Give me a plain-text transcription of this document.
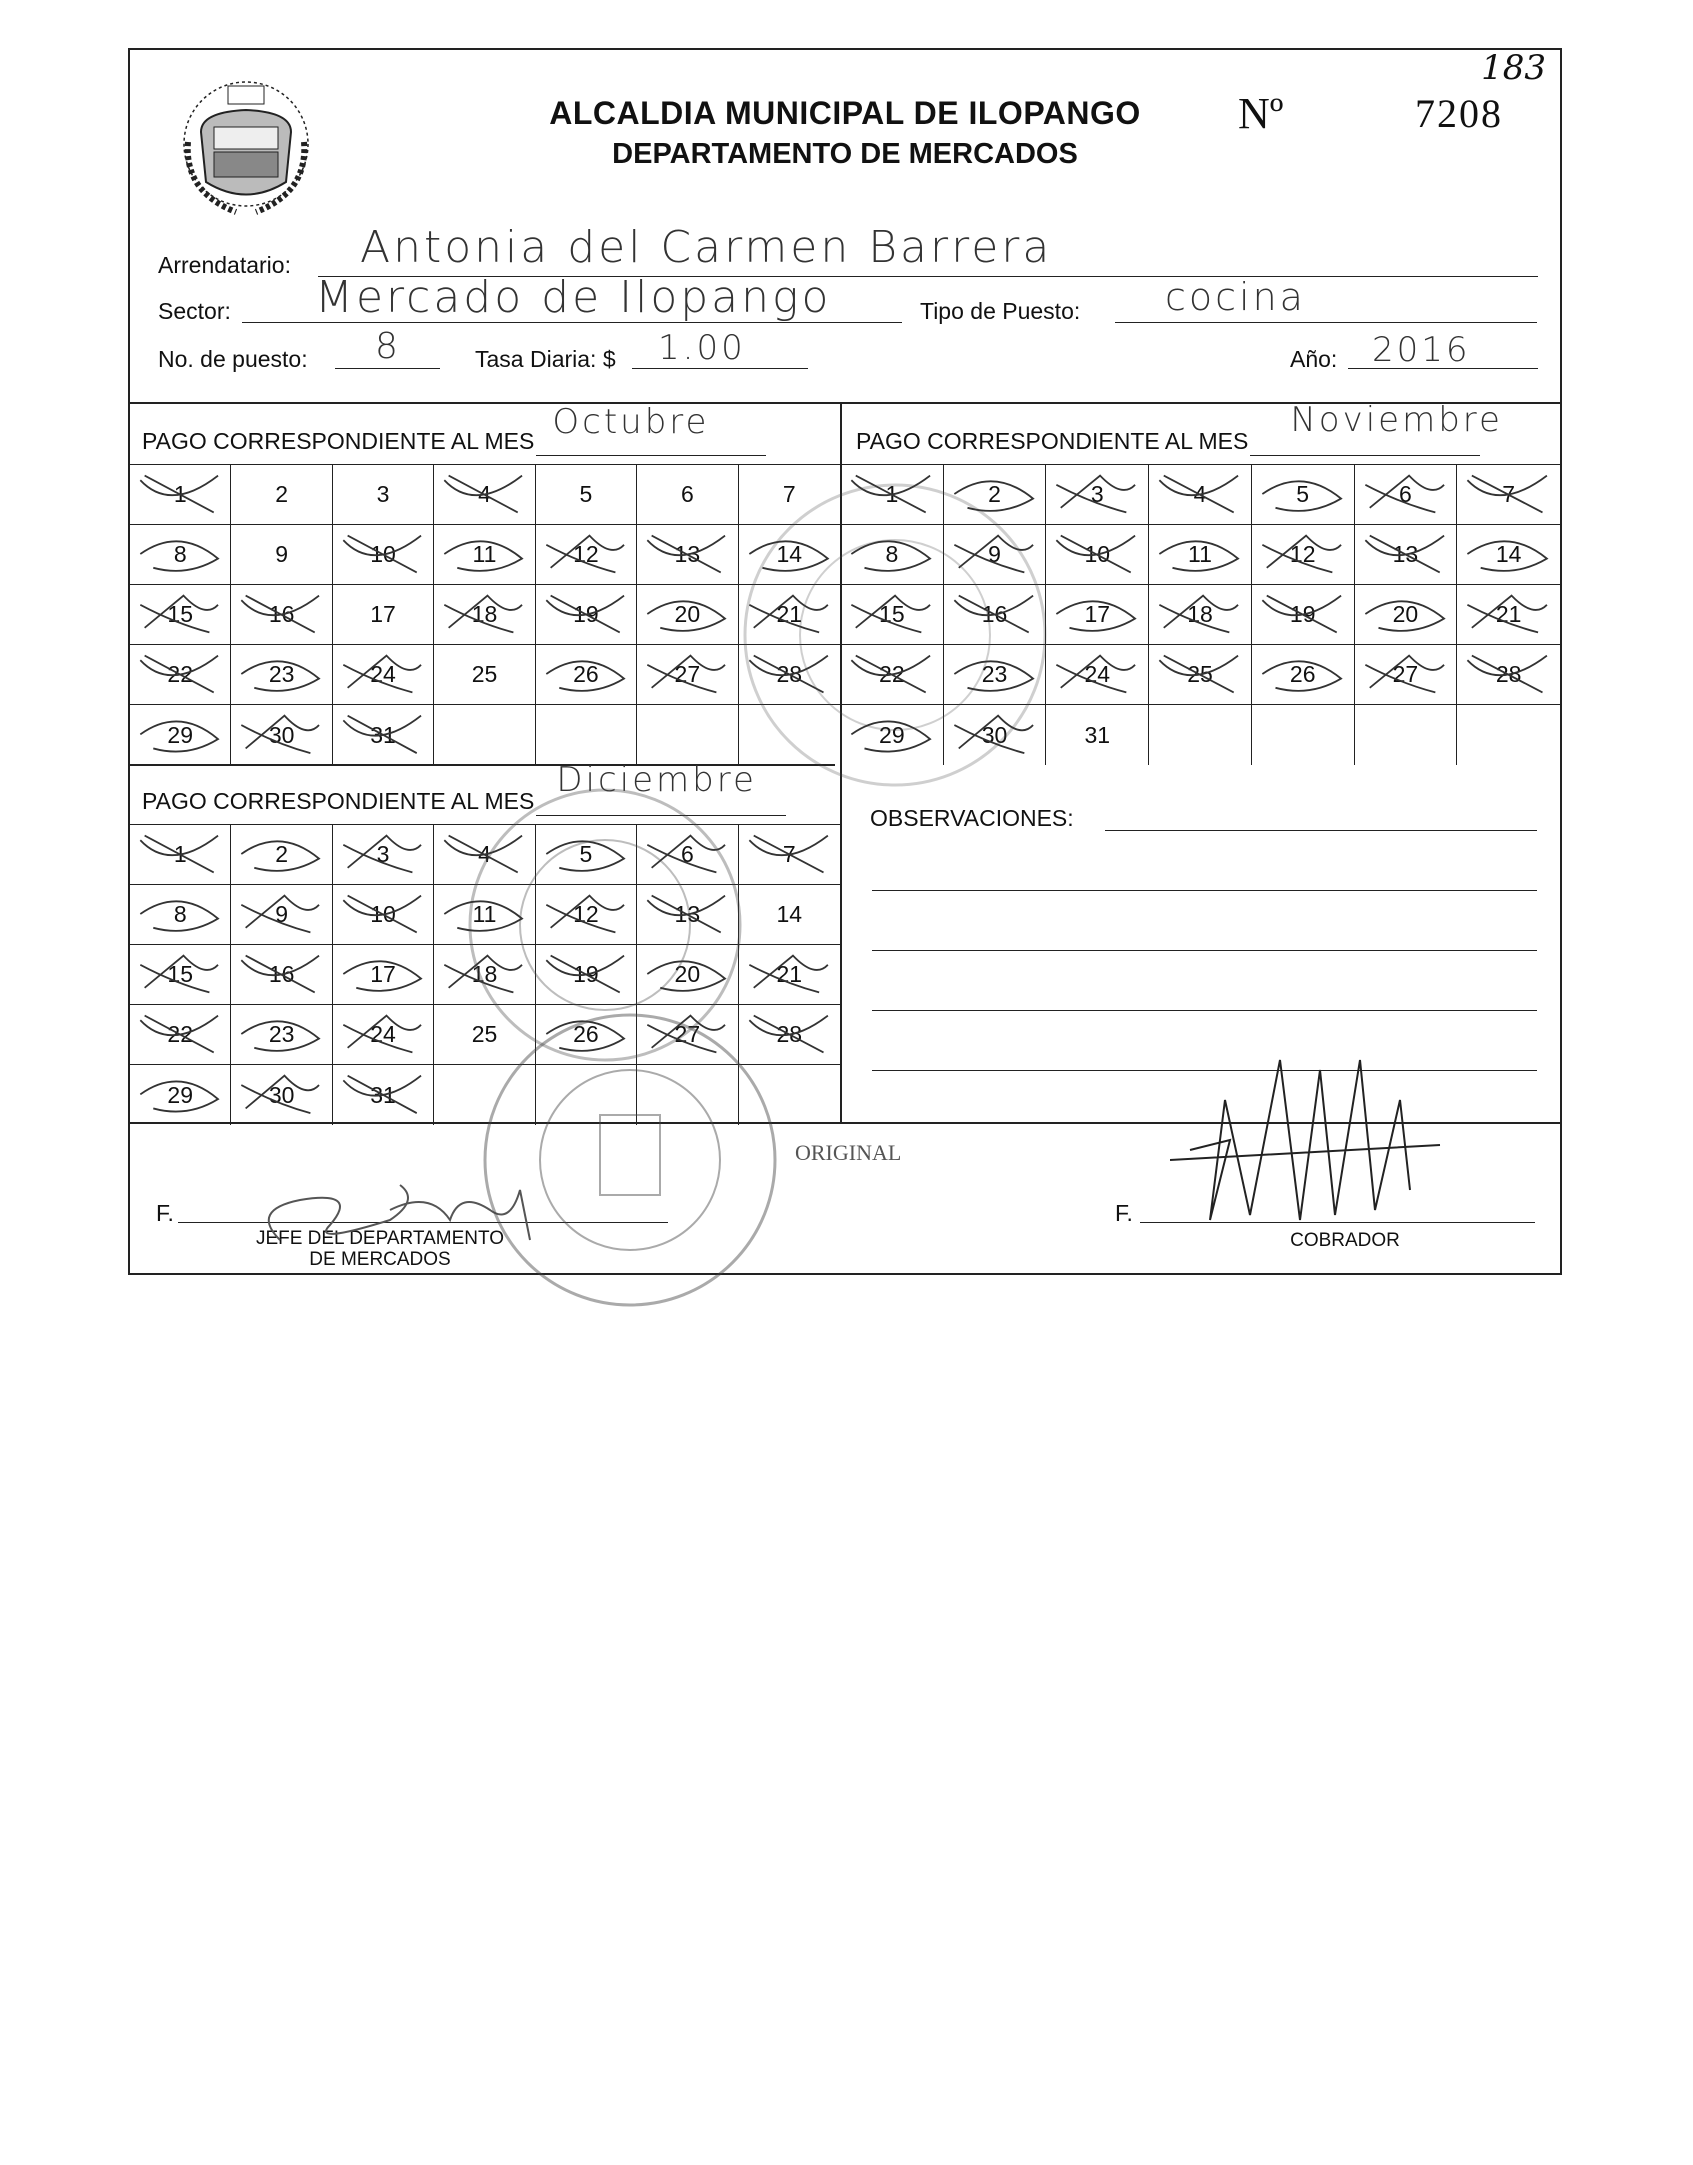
ALCALDIA MUNICIPAL DE ILOPANGO
DEPARTAMENTO DE MERCADOS
Nº	7208
183
Arrendatario: Antonia del Carmen Barrera
Sector: Mercado de Ilopango	Tipo de Puesto: cocina
No. de puesto: 8	Tasa Diaria: $ 1.00	Año: 2016
PAGO CORRESPONDIENTE AL MES Octubre

1	2	3	4	5	6	7
8	9	10	11	12	13	14
15	16	17	18	19	20	21
22	23	24	25	26	27	28
29	30	31
PAGO CORRESPONDIENTE AL MES
Noviembre

1	2	3	4	5	6	7
8	9	10	11	12	13	14
15	16	17	18	19	20	21
22	23	24	25	26	27	28
29	30	31
PAGO CORRESPONDIENTE AL MES
Diciembre

1	2	3	4	5	6	7
8	9	10	11	12	13	14
15	16	17	18	19	20	21
22	23	24	25	26	27	28
29	30	31
OBSERVACIONES:
ORIGINAL
F.
JEFE DEL DEPARTAMENTO
DE MERCADOS
F.
COBRADOR
